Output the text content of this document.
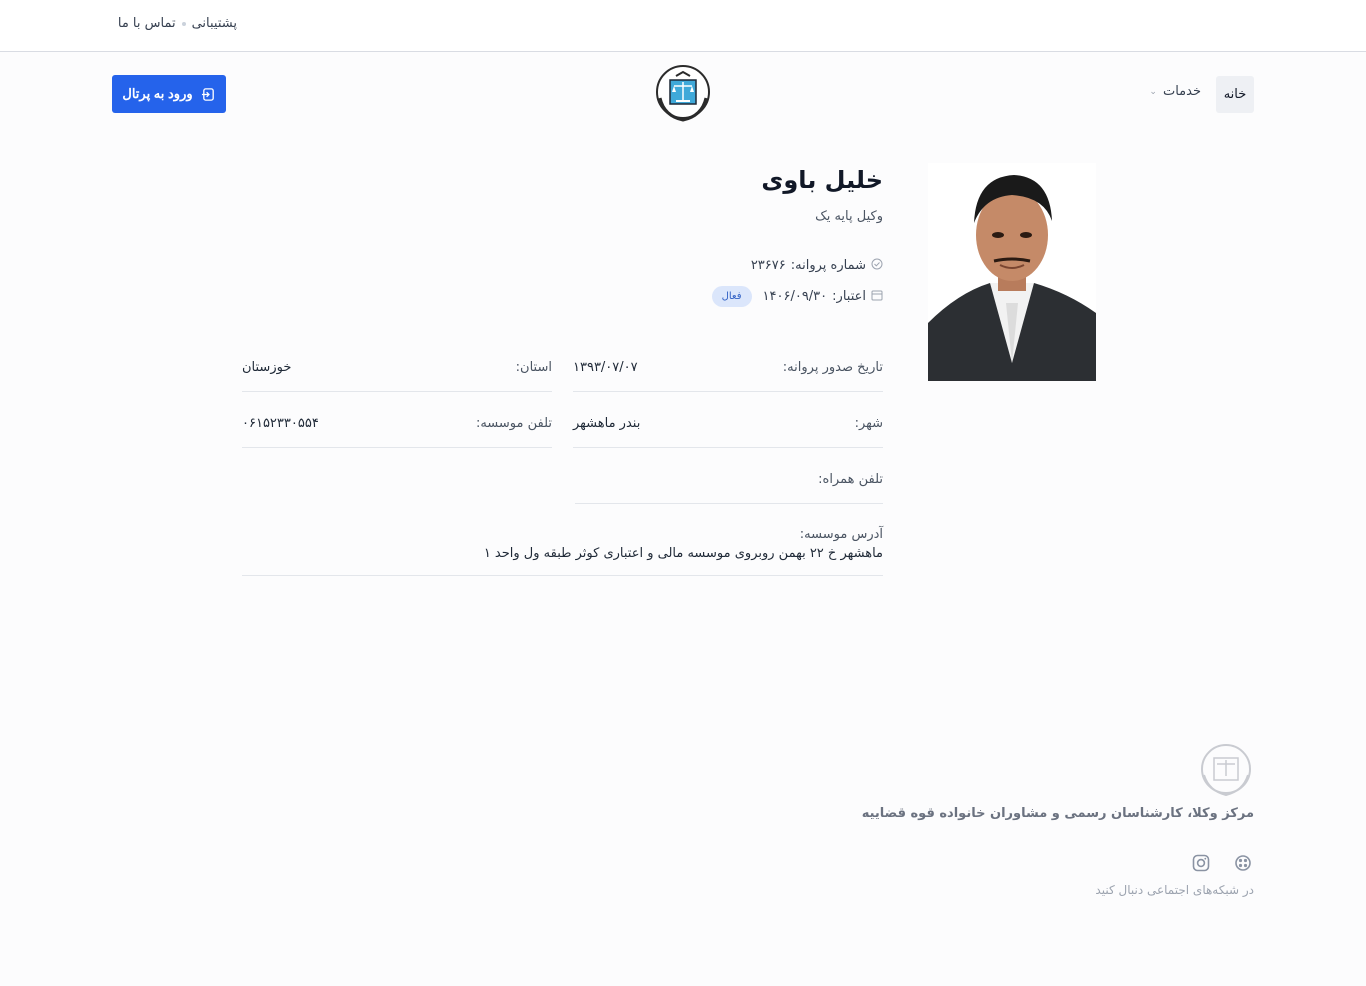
پشتیبانی
تماس با ما
خانه
خدمات
⌄
ورود به پرتال
خلیل باوی
وکیل پایه یک
شماره پروانه:
۲۳۶۷۶
اعتبار:
۱۴۰۶/۰۹/۳۰
فعال
تاریخ صدور پروانه:
۱۳۹۳/۰۷/۰۷
استان:
خوزستان
شهر:
بندر ماهشهر
تلفن موسسه:
۰۶۱۵۲۳۳۰۵۵۴
تلفن همراه:
آدرس موسسه:
ماهشهر خ ۲۲ بهمن روبروی موسسه مالی و اعتباری کوثر طبقه ول واحد ۱
مرکز وکلا، کارشناسان رسمی و مشاوران خانواده قوه قضاییه
در شبکه‌های اجتماعی دنبال کنید
